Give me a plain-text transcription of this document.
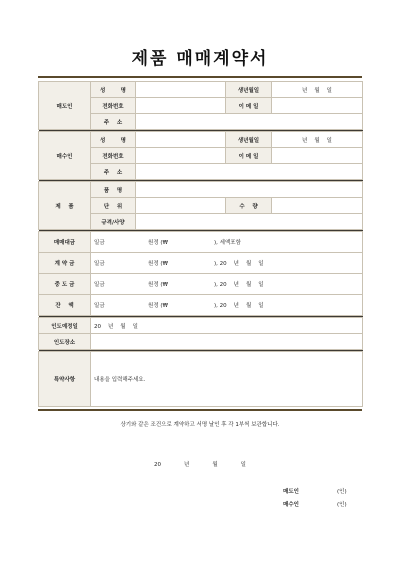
제품 매매계약서
매도인	성        명		생년월일	년    월    일
	전화번호		이 메 일	
	주    소			

매수인	성        명		생년월일	년    월    일
	전화번호		이 메 일	
	주    소			

제    품	품    명			
	단    위		수    량	
	규격/사양			

매매대금	일금 원정 (₩ ), 세액포함			
계 약 금	일금 원정 (₩ ), 20    년    월    일			
중 도 금	일금 원정 (₩ ), 20    년    월    일			
잔    액	일금 원정 (₩ ), 20    년    월    일			

인도예정일	20    년    월    일			
인도장소				

특약사항	내용을 입력해주세요.			
상기와 같은 조건으로 계약하고 서명 날인 후 각 1부씩 보관합니다.
20    년    월    일
매도인	(인)
매수인	(인)
